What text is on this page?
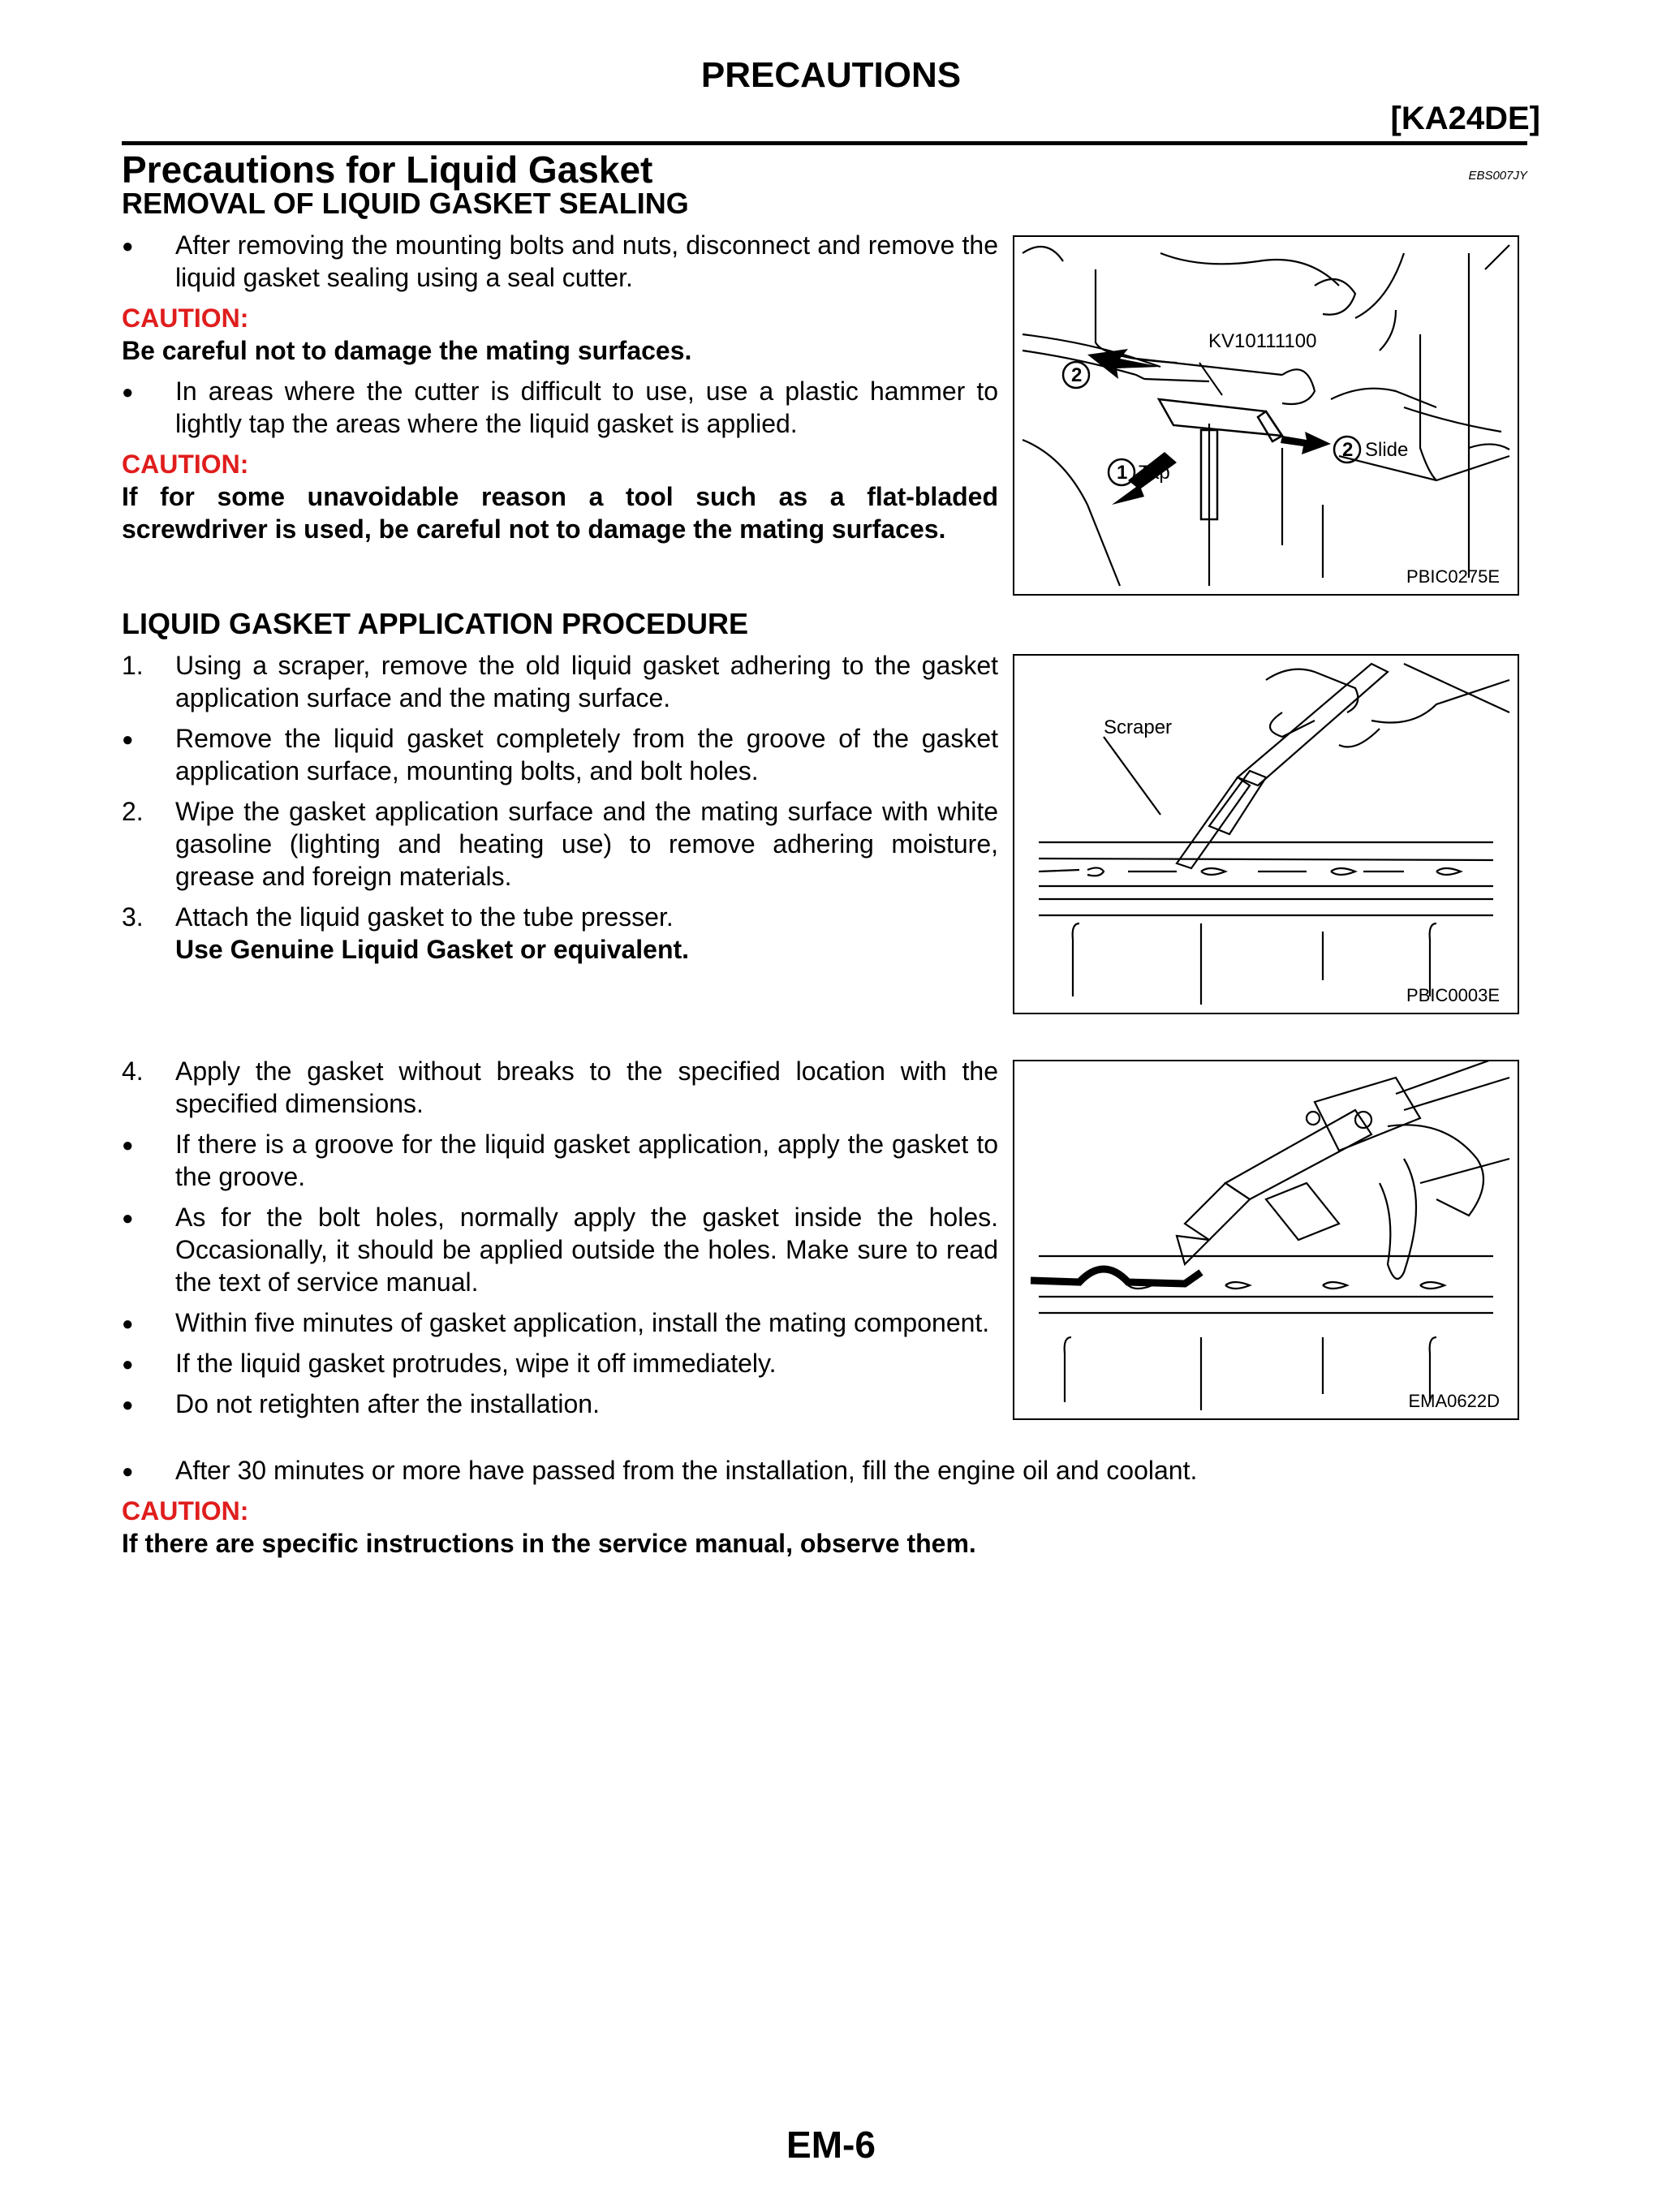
PRECAUTIONS
[KA24DE]
Precautions for Liquid Gasket	EBS007JY
REMOVAL OF LIQUID GASKET SEALING
● After removing the mounting bolts and nuts, disconnect and remove the liquid gasket sealing using a seal cutter.
CAUTION:
Be careful not to damage the mating surfaces.
● In areas where the cutter is difficult to use, use a plastic hammer to lightly tap the areas where the liquid gasket is applied.
CAUTION:
If for some unavoidable reason a tool such as a flat-bladed screwdriver is used, be careful not to damage the mating surfaces.
LIQUID GASKET APPLICATION PROCEDURE
1. Using a scraper, remove the old liquid gasket adhering to the gasket application surface and the mating surface.
● Remove the liquid gasket completely from the groove of the gasket application surface, mounting bolts, and bolt holes.
2. Wipe the gasket application surface and the mating surface with white gasoline (lighting and heating use) to remove adhering moisture, grease and foreign materials.
3. Attach the liquid gasket to the tube presser.
Use Genuine Liquid Gasket or equivalent.
4. Apply the gasket without breaks to the specified location with the specified dimensions.
● If there is a groove for the liquid gasket application, apply the gasket to the groove.
● As for the bolt holes, normally apply the gasket inside the holes. Occasionally, it should be applied outside the holes. Make sure to read the text of service manual.
● Within five minutes of gasket application, install the mating component.
● If the liquid gasket protrudes, wipe it off immediately.
● Do not retighten after the installation.
● After 30 minutes or more have passed from the installation, fill the engine oil and coolant.
CAUTION:
If there are specific instructions in the service manual, observe them.
KV10111100
2
1 Tap
2 Slide
PBIC0275E
Scraper
PBIC0003E
EMA0622D
EM-6
